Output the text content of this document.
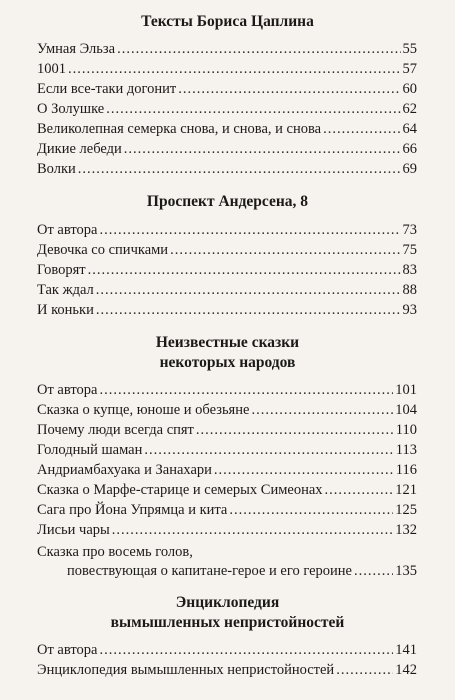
Тексты Бориса Цаплина
Умная Эльза .....	55
1001 .....	57
Если все-таки догонит .....	60
О Золушке .....	62
Великолепная семерка снова, и снова, и снова .....	64
Дикие лебеди .....	66
Волки .....	69
Проспект Андерсена, 8
От автора .....	73
Девочка со спичками .....	75
Говорят .....	83
Так ждал .....	88
И коньки .....	93
Неизвестные сказки
некоторых народов
От автора .....	101
Сказка о купце, юноше и обезьяне .....	104
Почему люди всегда спят .....	110
Голодный шаман .....	113
Андриамбахуака и Занахари .....	116
Сказка о Марфе-старице и семерых Симеонах .....	121
Сага про Йона Упрямца и кита .....	125
Лисьи чары .....	132
Сказка про восемь голов,
повествующая о капитане-герое и его героине .....	135
Энциклопедия
вымышленных непристойностей
От автора .....	141
Энциклопедия вымышленных непристойностей .....	142
